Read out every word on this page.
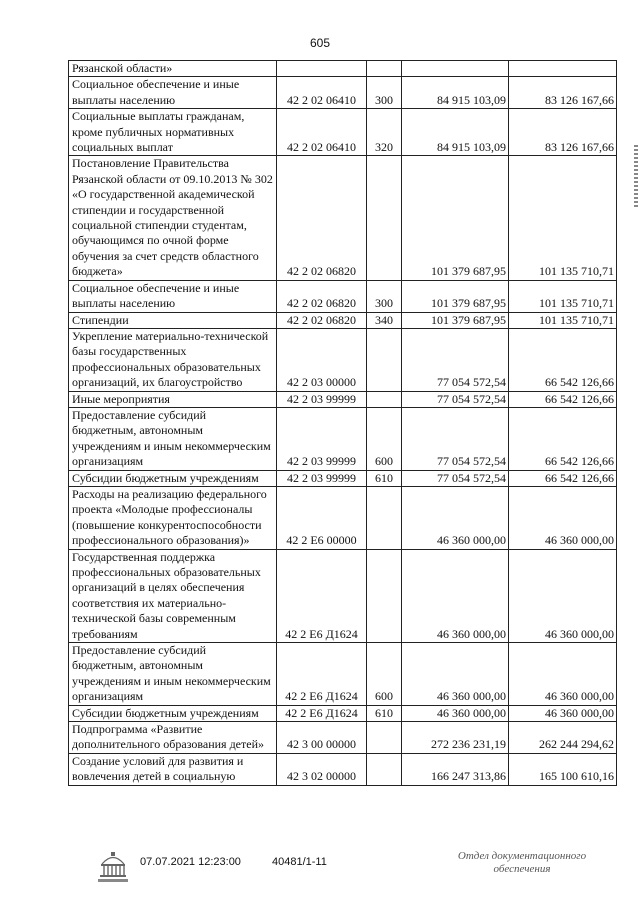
605
Рязанской области»				
Социальное обеспечение и иные выплаты населению	42 2 02 06410	300	84 915 103,09	83 126 167,66
Социальные выплаты гражданам, кроме публичных нормативных социальных выплат	42 2 02 06410	320	84 915 103,09	83 126 167,66
Постановление Правительства Рязанской области от 09.10.2013 № 302 «О государственной академической стипендии и государственной социальной стипендии студентам, обучающимся по очной форме обучения за счет средств областного бюджета»	42 2 02 06820		101 379 687,95	101 135 710,71
Социальное обеспечение и иные выплаты населению	42 2 02 06820	300	101 379 687,95	101 135 710,71
Стипендии	42 2 02 06820	340	101 379 687,95	101 135 710,71
Укрепление материально-технической базы государственных профессиональных образовательных организаций, их благоустройство	42 2 03 00000		77 054 572,54	66 542 126,66
Иные мероприятия	42 2 03 99999		77 054 572,54	66 542 126,66
Предоставление субсидий бюджетным, автономным учреждениям и иным некоммерческим организациям	42 2 03 99999	600	77 054 572,54	66 542 126,66
Субсидии бюджетным учреждениям	42 2 03 99999	610	77 054 572,54	66 542 126,66
Расходы на реализацию федерального проекта «Молодые профессионалы (повышение конкурентоспособности профессионального образования)»	42 2 Е6 00000		46 360 000,00	46 360 000,00
Государственная поддержка профессиональных образовательных организаций в целях обеспечения соответствия их материально-технической базы современным требованиям	42 2 Е6 Д1624		46 360 000,00	46 360 000,00
Предоставление субсидий бюджетным, автономным учреждениям и иным некоммерческим организациям	42 2 Е6 Д1624	600	46 360 000,00	46 360 000,00
Субсидии бюджетным учреждениям	42 2 Е6 Д1624	610	46 360 000,00	46 360 000,00
Подпрограмма «Развитие дополнительного образования детей»	42 3 00 00000		272 236 231,19	262 244 294,62
Создание условий для развития и вовлечения детей в социальную	42 3 02 00000		166 247 313,86	165 100 610,16
07.07.2021 12:23:00	40481/1-11	Отдел документационного обеспечения
